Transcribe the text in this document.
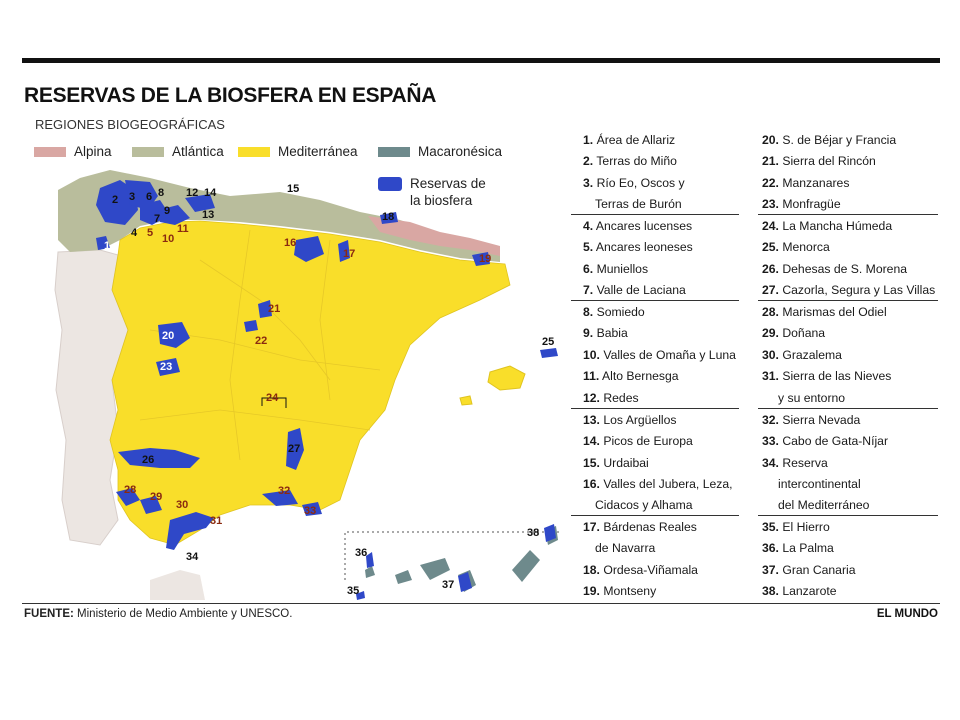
RESERVAS DE LA BIOSFERA EN ESPAÑA
REGIONES BIOGEOGRÁFICAS
Alpina	Atlántica	Mediterránea	Macaronésica
Reservas de
la biosfera
1
2 3
4 5
6
7
8
9
10
11
12
13
14	15
16
17
18
19
20
21
22
23
24
25
26
27
28
29
30
31
32
33
34
35
36
37
38
1. Área de Allariz
2. Terras do Miño
3. Río Eo, Oscos y
Terras de Burón
4. Ancares lucenses
5. Ancares leoneses
6. Muniellos
7. Valle de Laciana
8. Somiedo
9. Babia
10. Valles de Omaña y Luna
11. Alto Bernesga
12. Redes
13. Los Argüellos
14. Picos de Europa
15. Urdaibai
16. Valles del Jubera, Leza,
Cidacos y Alhama
17. Bárdenas Reales
de Navarra
18. Ordesa-Viñamala
19. Montseny
20. S. de Béjar y Francia
21. Sierra del Rincón
22. Manzanares
23. Monfragüe
24. La Mancha Húmeda
25. Menorca
26. Dehesas de S. Morena
27. Cazorla, Segura y Las Villas
28. Marismas del Odiel
29. Doñana
30. Grazalema
31. Sierra de las Nieves
y su entorno
32. Sierra Nevada
33. Cabo de Gata-Níjar
34. Reserva
intercontinental
del Mediterráneo
35. El Hierro
36. La Palma
37. Gran Canaria
38. Lanzarote
FUENTE: Ministerio de Medio Ambiente y UNESCO.	EL MUNDO
